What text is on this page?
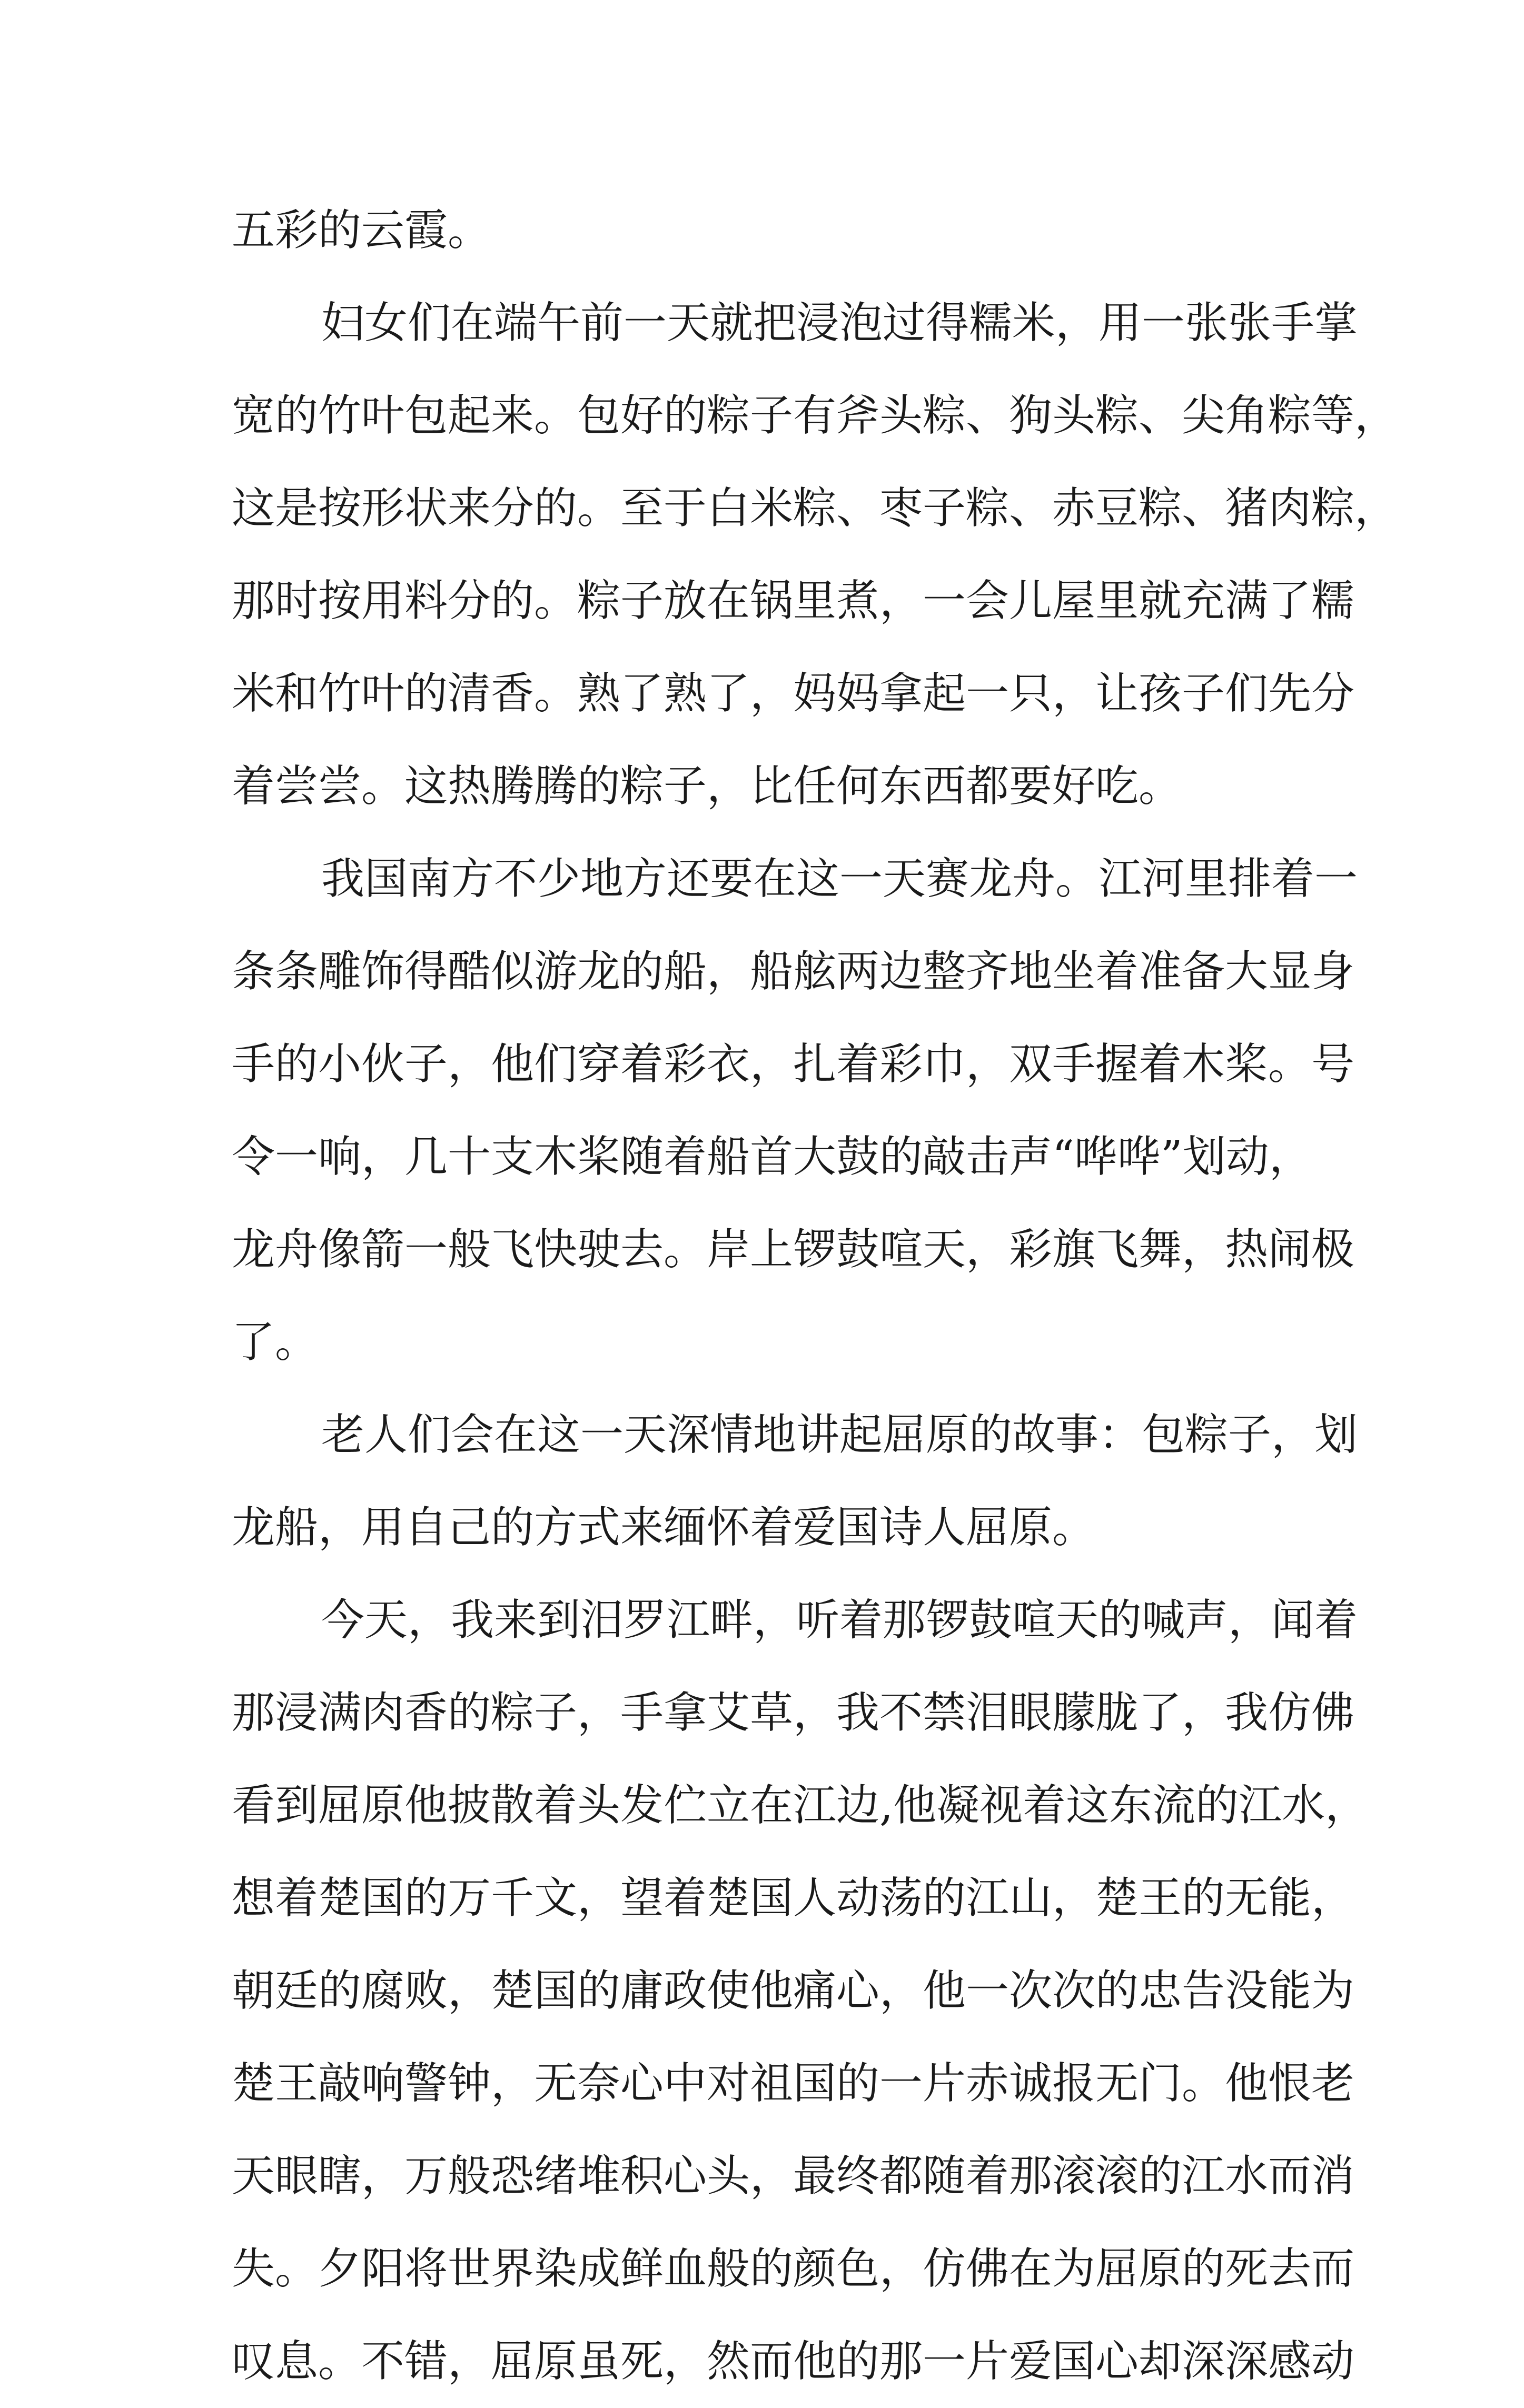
五彩的云霞。
妇女们在端午前一天就把浸泡过得糯米，用一张张手掌
宽的竹叶包起来。包好的粽子有斧头粽、狗头粽、尖角粽等，
这是按形状来分的。至于白米粽、枣子粽、赤豆粽、猪肉粽，
那时按用料分的。粽子放在锅里煮，一会儿屋里就充满了糯
米和竹叶的清香。熟了熟了，妈妈拿起一只，让孩子们先分
着尝尝。这热腾腾的粽子，比任何东西都要好吃。
我国南方不少地方还要在这一天赛龙舟。江河里排着一
条条雕饰得酷似游龙的船，船舷两边整齐地坐着准备大显身
手的小伙子，他们穿着彩衣，扎着彩巾，双手握着木桨。号
令一响，几十支木桨随着船首大鼓的敲击声“哗哗”划动，
龙舟像箭一般飞快驶去。岸上锣鼓喧天，彩旗飞舞，热闹极
了。
老人们会在这一天深情地讲起屈原的故事：包粽子，划
龙船，用自己的方式来缅怀着爱国诗人屈原。
今天，我来到汨罗江畔，听着那锣鼓喧天的喊声，闻着
那浸满肉香的粽子，手拿艾草，我不禁泪眼朦胧了，我仿佛
看到屈原他披散着头发伫立在江边,他凝视着这东流的江水，
想着楚国的万千文，望着楚国人动荡的江山，楚王的无能，
朝廷的腐败，楚国的庸政使他痛心，他一次次的忠告没能为
楚王敲响警钟，无奈心中对祖国的一片赤诚报无门。他恨老
天眼瞎，万般恐绪堆积心头，最终都随着那滚滚的江水而消
失。夕阳将世界染成鲜血般的颜色，仿佛在为屈原的死去而
叹息。不错，屈原虽死，然而他的那一片爱国心却深深感动
